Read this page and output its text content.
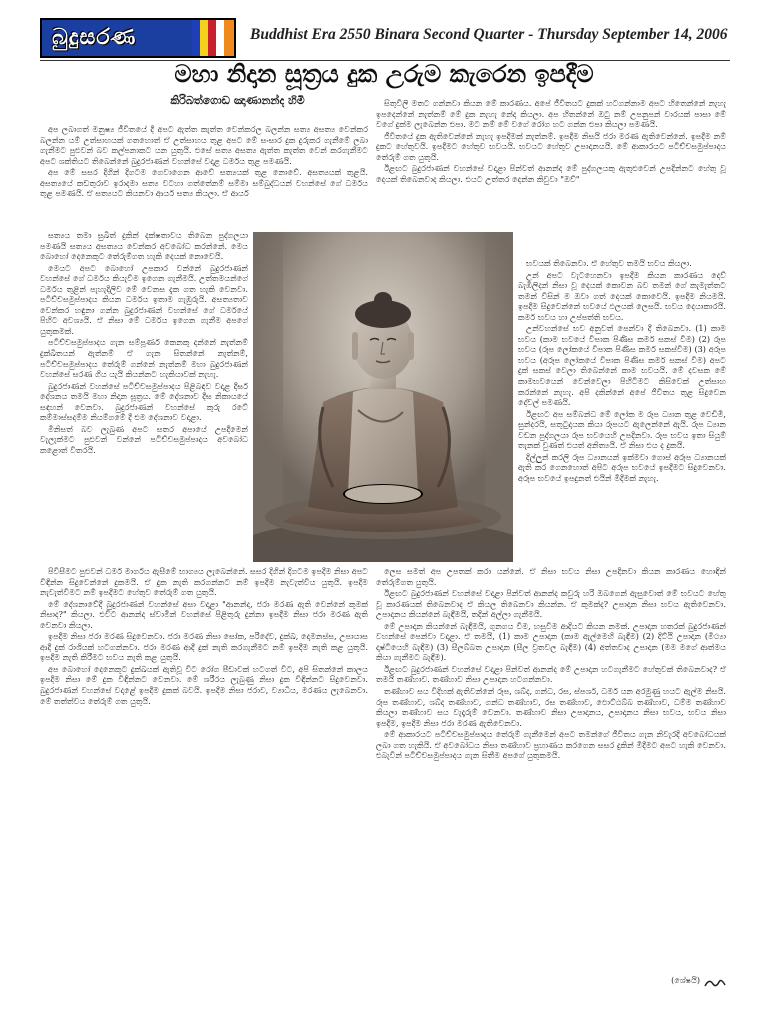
බුදුසරණ	Buddhist Era 2550 Binara Second Quarter - Thursday September 14, 2006
මහා නිදාන සූත්‍රය දුක උරුම කැරෙන ඉපදීම
කිරිබත්ගොඩ ඤාණානන්ද හිමි

අප ලබාගත් මනුෂ්‍ය ජීවිතයේ දී අපට ඇත්ත කැත්ත වෙන්කරල බලන්න සත්‍ය අසත්‍ය වෙන්කර බලන්න යම් උත්සාහයක් ගතහොත් ඒ උත්සාහය තුළ අපට මේ සංසාර දුක දුරුකර ගැනීමේ ලබා ගැනීමට පුළුවන් බව කල්පනාකට යන යුතුයි. එසේ සත්‍ය අසත්‍ය ඇත්ත කැත්ත වෙන් කරගැනීමට අපට ශක්තියට තිබෙන්නේ බුදුරජාණන් වහන්සේ වදාළ ධර්මය තුළ පමණයි.

අප මේ සසර දිගින් දිගටම ගෙවාගෙන ආවේ සත්‍යයක් තුළ නොවේ. අසත්‍යයක් තුළයි. අසත්‍යයේ කඩතුරාව ඉරාදමා සත්‍ය වටහා ගත්තේනම් සම්මා සම්බුද්ධයන් වහන්සේ ගේ ධර්මය තුළ පමණයි. ඒ සත්‍යයට කියනවා ආර්ය සත්‍ය කියලා. ඒ ආර්ය

සත්‍යය තමා සුඛිත් දුකින් දක්ෂතාවය තිබෙන පුද්ගලයා පමණයි සත්‍යය අසත්‍යය වෙන්කර අවබෝධ කරන්නේ. මෙය බොහෝ දෙනෙකුට තේරුම්ගත හැකි දෙයක් නොවෙයි.

මෙයට අපට බොහෝ උපකාර වන්නේ බුදුරජාණන් වහන්සේ ගේ ධර්මය කියැවීම ඉගෙන ගැනීමයි. උත්තමයන්ගේ ධර්මය තුළින් පැහැදිලිව මේ වෙනස දැක ගත හැකි වෙනවා. පටිච්චසමුප්පාදය කියන ධර්මය ඉතාම ගැඹුරුයි. අසත්‍යතාව වෙන්කර හඳුනා ගන්න බුදුරජාණන් වහන්සේ ගේ ධර්මයේ පිහිට අවශ්‍යයි. ඒ නිසා මේ ධර්මය ඉගෙන ගැනීම අපගේ යුතුකමක්.

පටිච්චසමුප්පාදය ගැන සම්පූර්ණ කෙනකු දන්නේ නැත්නම් දුක්ඛිතයන් ඇත්නම් ඒ ගැන සිතන්නේ නැත්නම්, පටිච්චසමුප්පාදය තේරුම් ගන්නේ නැත්නම් මහා බුදුරජාණන් වහන්සේ සරණ ගිය යැයි කියන්නට හැකියාවක් නැහැ.

බුදුරජාණන් වහන්සේ පටිච්චසමුප්පාදය පිළිබඳව වදාළ දීර්ඝ දේශනය තමයි මහා නිදාන සූත්‍රය. මේ දේශනාව දීඝ නිකායයේ සඳහන් වෙනවා. බුදුරජාණන් වහන්සේ කුරු රටේ කම්මාස්සදම්ම නියම්ගමේ දී එම දේශනාව වදාළා.

මිනිසත් බව ලැබුණ අපට සතර අපායේ උපදීමෙන් වැලැක්මට පුළුවන් වන්නේ පටිච්චසමුප්පාදය අවබෝධ කළොත් විතරයි.

පිවිසීමට පුළුවන් ධර්ම මාර්ගය ඇසීමේ භාග්‍යය ලැබෙන්නේ. සසර දිගින් දිගටම ඉපදීම නිසා අපට විඳින්න සිදුවෙන්නේ දුකමයි. ඒ දුක නැති කරගන්නට නම් ඉපදීම නැවැත්විය යුතුයි. ඉපදීම නැවැත්වීමට නම් ඉපදීමට හේතුව තේරුම් ගත යුතුයි.

මේ දේශනාවේදී බුදුරජාණන් වහන්සේ අසා වදාළා "ආනන්ද, ජරා මරණ ඇති වෙන්නේ කුමක් නිසාද?" කියලා. එවිට ආනන්ද ස්වාමීන් වහන්සේ පිළිතුරු දුන්නා ඉපදීම නිසා ජරා මරණ ඇති වෙනවා කියලා.

ඉපදීම නිසා ජරා මරණ සිදුවෙනවා. ජරා මරණ නිසා සෝක, පරිදේව, දුක්ඛ, දොමනස්ස, උපායාස ආදී දුක් රාශියක් හටගන්නවා. ජරා මරණ ආදී දුක් නැති කරගැනීමට නම් ඉපදීම නැති කළ යුතුයි. ඉපදීම නැති කිරීමට භවය නැති කළ යුතුයි.

අප බොහෝ දෙනෙකුට දුක්ඛයක් ඇතිවූ විට රෝග පීඩාවක් හටගත් විට, අපි සිතන්නේ කාලය ඉපදීම නිසා මේ දුක විඳින්නට වෙනවා. මේ ශරීරය ලැබුණු නිසා දුක විඳින්නට සිදුවෙනවා. බුදුරජාණන් වහන්සේ වදාළේ ඉපදීම දුකක් බවයි. ඉපදීම නිසා ජරාව, ව්‍යාධිය, මරණය ලැබෙනවා. මේ තත්ත්වය තේරුම් ගත යුතුයි.

සිතුවිලි මතට ගන්නවා කියන මේ කාරණය. අපේ ජීවිතයට දුකක් හටගන්නාම අපට හිතෙන්නේ නැහැ ඉපදෙන්නේ නැත්නම් මේ දුක නැහැ නේද කියලා. අප හිතන්නේ ඔටු නම් උපනුපන් වාරයක් පාසා මේ වගේ දුක්ම ලැබෙන්න එපා. මට නම් මේ වගේ රෝග හට ගන්න එපා කියලා පමණයි.

ජීවිතයේ දුක ඇතිවෙන්නේ නැහැ ඉපදීමක් නැත්නම්. ඉපදීම නිසයි ජරා මරණ ඇතිවෙන්නේ. ඉපදීම නම් දුකට හේතුවයි. ඉපදීමට හේතුව භවයයි. භවයට හේතුව උපාදානයයි. මේ ආකාරයට පටිච්චසමුප්පාදය තේරුම් ගත යුතුයි.

ඊළඟට බුදුරජාණන් වහන්සේ වදාළා පින්වත් ආනන්ද මේ පුද්ගලයකු ඇතුළුවෙන් උපදින්නට හේතු වූ දෙයක් තිබෙනවාද කියලා. එයට උත්තර දෙන්න කිවුවා "ඔව්"

භවයක් තිබෙනවා. ඒ හේතුව තමයි භවය කියලා.

උන් අපට වැටහෙනවා ඉපදීම කියන කාරණය දෙව් බැඹිලිදන් නිසා වූ දෙයක් කොවන බව තමන් ගේ කැමැත්තට තමන් විසින් ම ඔවා ගත් දෙයක් කොවෙයි. ඉපදීම නියමයි. ඉපදීම සිදුවෙන්නේ භවයේ ඵලයක් ලෙසයි. භවය දෙයාකාරයි. කර්ම භවය හා උප්පත්ති භවය.

උන්වහන්සේ භව අනුවත් පෙන්වා දී තිබෙනවා. (1) කාම භවය (කාම භවයේ විපාක පිණිස කර්ම සකස් වීම) (2) රූප භවය (රූප ලෝකයේ විපාක පිණිස කර්ම සකස්වීම) (3) අරූප භවය (අරූප ලෝකයේ විපාක පිණිස කර්ම සකස් වීම) අපට දුක් සකස් වෙලා තිබෙන්නේ කාම භවයයි. මේ දවසක මේ කාමභවයෙන් වෙන්වෙලා පිහිටීමට කිසිවෙක් උත්සාහ කරන්නේ නැහැ. අපි දකින්නේ අපේ ජීවිතය තුළ සිදුවෙන දේවල් පමණයි.

ඊළඟට අප සම්බන්ධ මේ ලෝක ම රූප ධ්‍යාන තුළ වෙඩිමී, සුන්දරයි, සතුටුදායක කියා රූපයට ඇලෙන්නේ ඇයි. රූප ධ්‍යාන වඩන පුද්ගලයා රූප භවයෙහි උපදිනවා. රූප භවය ඉතා සියුම් තැනක් වුණත් එයත් අනිත්‍යයි. ඒ නිසා එය ද දුකයි.

දිල්ලුන් කරලි රූප ධ්‍යානයන් ඉක්මවා ගොස් අරූප ධ්‍යානයක් ඇති කර ගෙනහොත් අපිට අරූප භවයේ ඉපදීමට සිදුවෙනවා. අරූප භවයේ ඉපදුනත් එයින් මිදීමක් නැහැ.

ලෙස සමත් අප උපතක් කරා යන්නේ. ඒ නිසා භවය නිසා උපදිනවා කියන කාරණය හොඳින් තේරුම්ගත යුතුයි.

ඊළඟට බුදුරජාණන් වහන්සේ වදාළා පින්වත් ආනන්ද කවුරු හරි ඔබගෙන් ඇසුවොත් මේ භවයට හේතු වූ කාරණයක් තිබෙනවාද ඒ කියල තිබෙනවා කියන්න. ඒ කුමක්ද? උපාදාන නිසා භවය ඇතිවෙනවා. උපාදානය කියන්නේ බැඳීමයි, තදින් අල්ලා ගැනීමයි.

මේ උපාදාන කියන්නේ බැඳීමයි, ගුනගය වීම, හසුවීම ආදියට කියන නමක්. උපාදාන හතරක් බුදුරජාණන් වහන්සේ පෙන්වා වදාළා. ඒ තමයි, (1) කාම උපාදාන (කාම ඇල්මෙහි බැඳීම) (2) දිට්ඨි උපාදාන (මිථ්‍යා දෘෂ්ටියෙහි බැඳීම) (3) සීලබ්බත උපාදාන (සීල ව්‍රතවල බැඳීම) (4) අත්තවාද උපාදාන (මම මගේ ආත්මය කියා ගැනීමට බැඳීම).

ඊළඟට බුදුරජාණන් වහන්සේ වදාළා පින්වත් ආනන්ද මේ උපාදාන හටගැනීමට හේතුවක් තිබෙනවාද? ඒ තමයි තණ්හාව. තණ්හාව නිසා උපාදාන හටගන්නවා.

තණ්හාව සය විදිහක් ඇතිවන්නේ රූප, ශබ්ද, ගන්ධ, රස, ස්පර්ශ, ධර්ම යන අරමුණු හයට ඇල්ම නිසයි. රූප තණ්හාව, ශබ්ද තණ්හාව, ගන්ධ තණ්හාව, රස තණ්හාව, ඵොට්ඨබ්බ තණ්හාව, ධම්ම තණ්හාව කියලා තණ්හාව සය වැදෑරුම් වෙනවා. තණ්හාව නිසා උපාදානය, උපාදානය නිසා භවය, භවය නිසා ඉපදීම, ඉපදීම නිසා ජරා මරණ ඇතිවෙනවා.

මේ ආකාරයට පටිච්චසමුප්පාදය තේරුම් ගැනීමෙන් අපට තමන්ගේ ජීවිතය ගැන නිවැරදි අවබෝධයක් ලබා ගත හැකියි. ඒ අවබෝධය නිසා තණ්හාව ප්‍රහාණය කරගෙන සසර දුකින් මිදීමට අපට හැකි වෙනවා. එබැවින් පටිච්චසමුප්පාදය ගැන සිතීම අපගේ යුතුකමයි.

(ශේෂයි)
